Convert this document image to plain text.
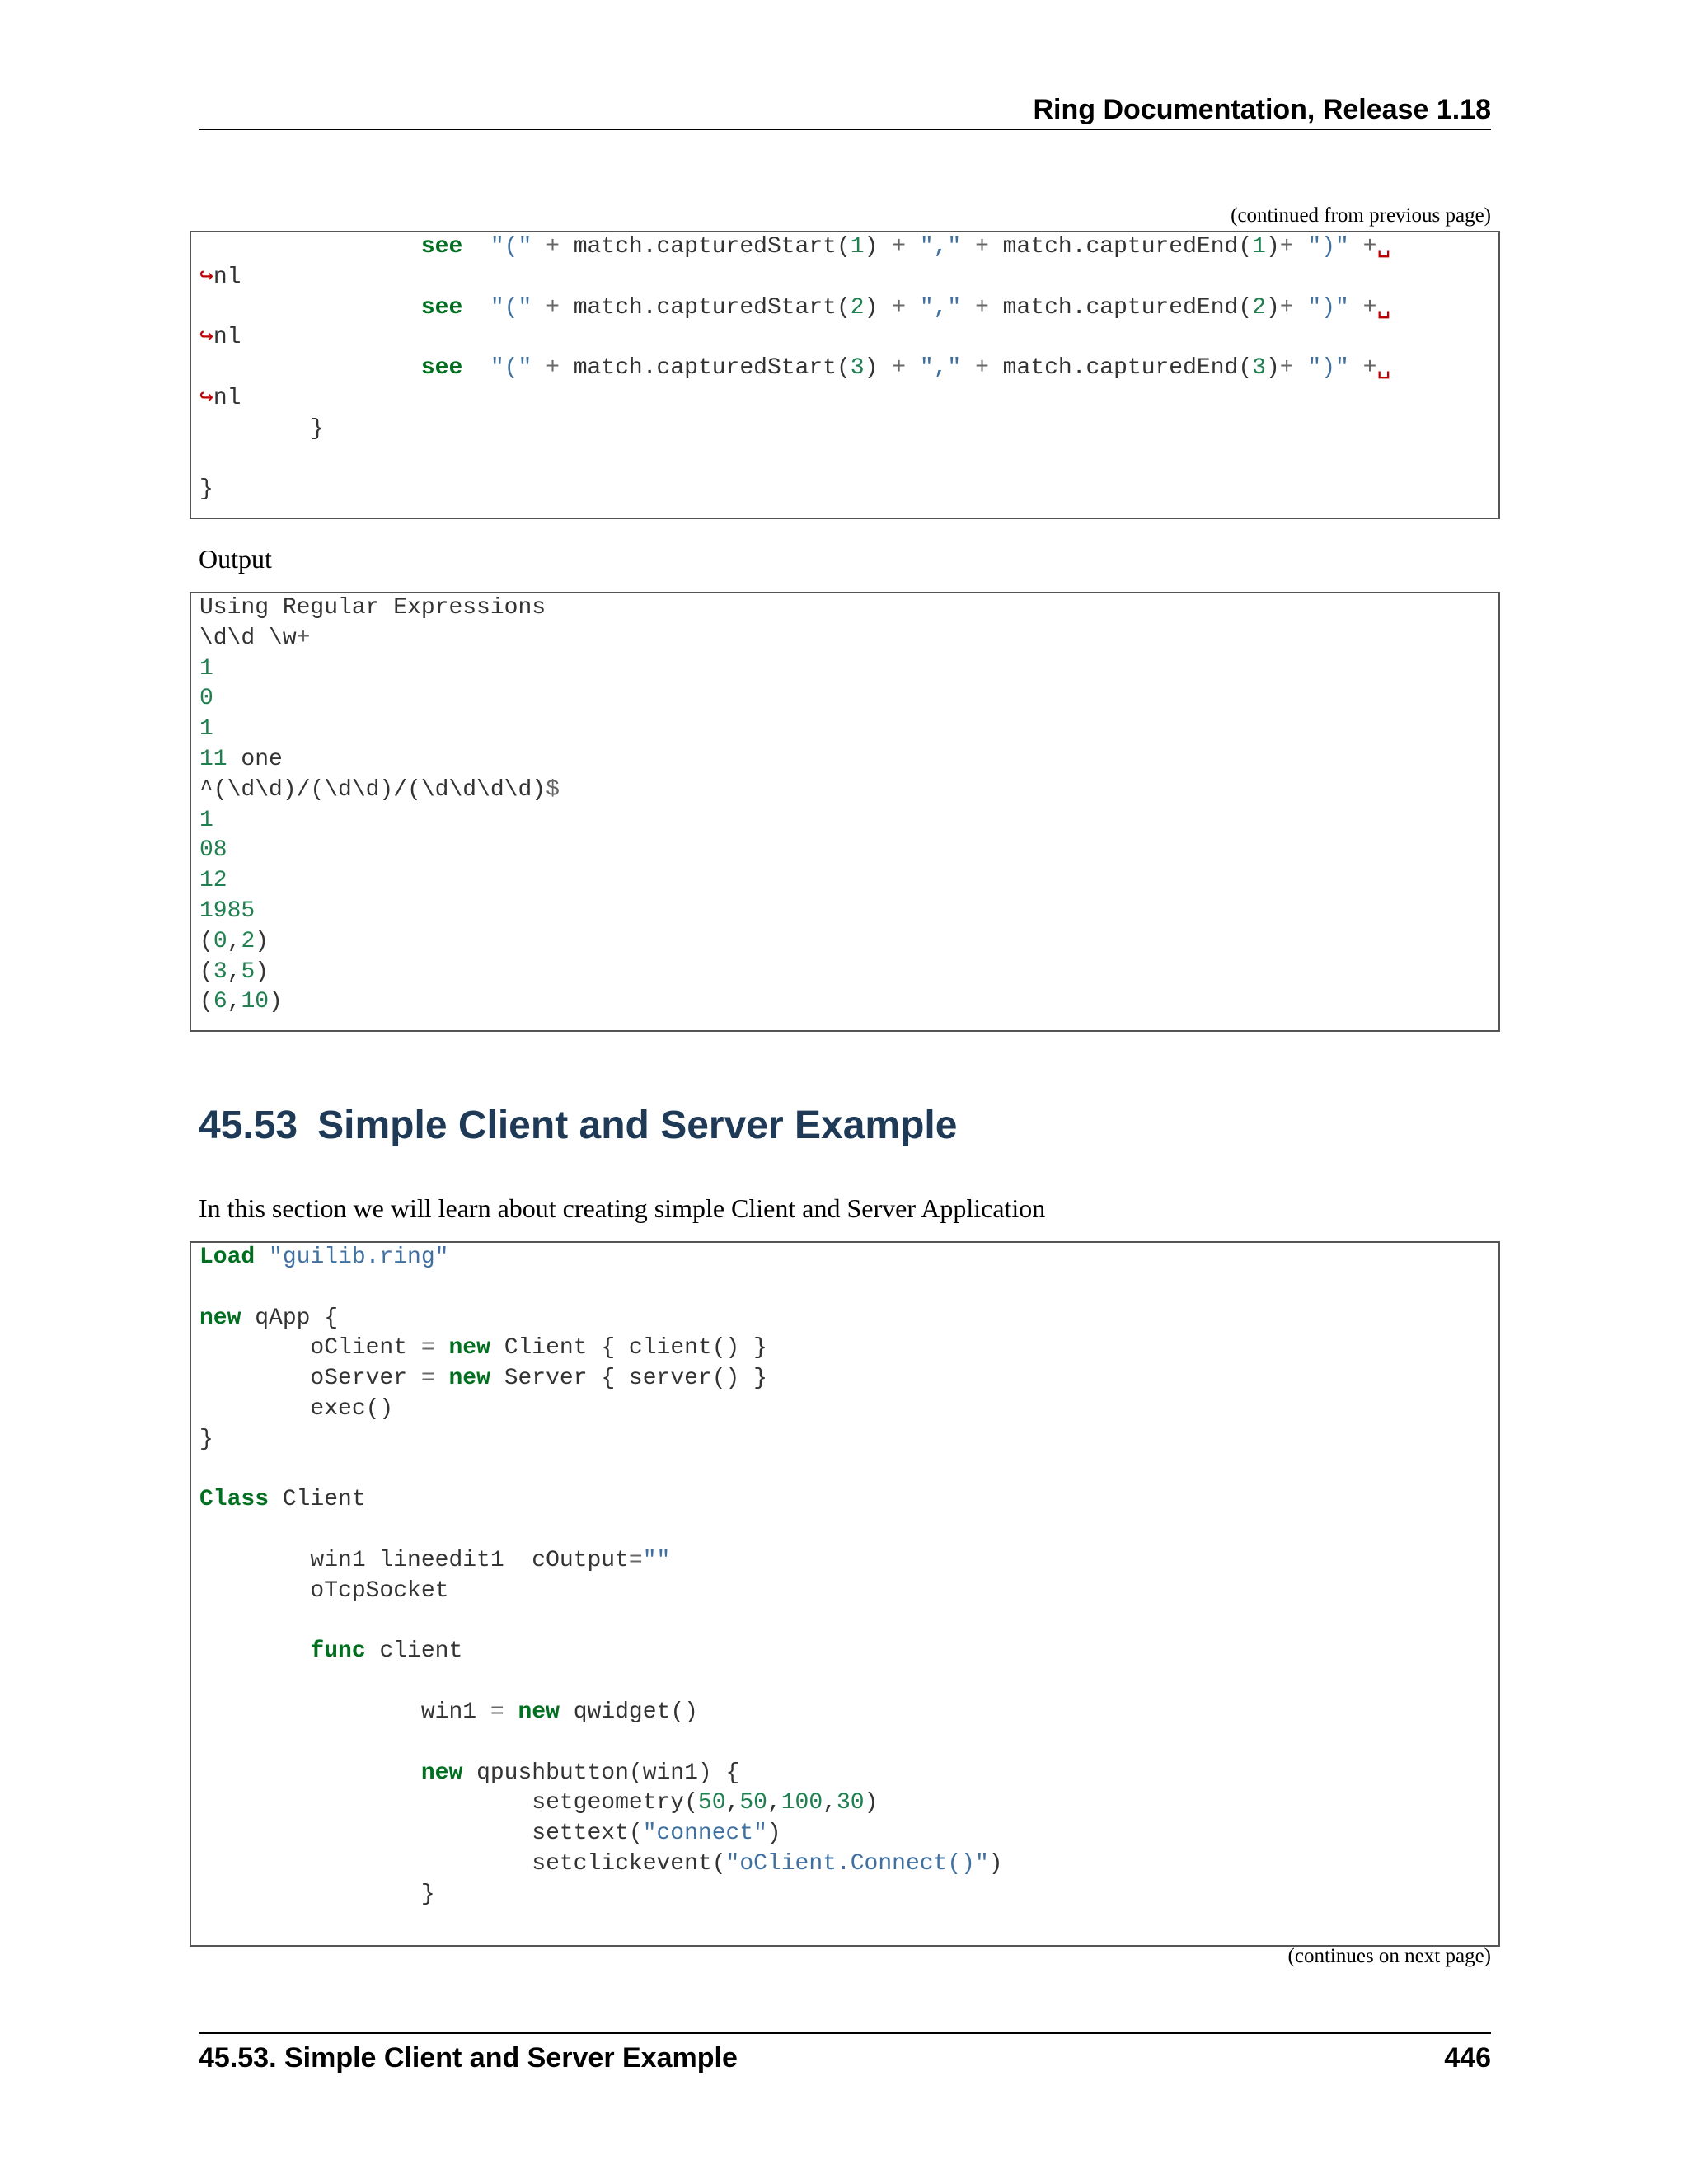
Ring Documentation, Release 1.18
(continued from previous page)
see "(" + match.capturedStart(1) + "," + match.capturedEnd(1)+ ")" +␣
↪nl
see "(" + match.capturedStart(2) + "," + match.capturedEnd(2)+ ")" +␣
↪nl
see "(" + match.capturedStart(3) + "," + match.capturedEnd(3)+ ")" +␣
↪nl
}

}
Output
Using Regular Expressions
\d\d \w+
1
0
1
11 one
^(\d\d)/(\d\d)/(\d\d\d\d)$
1
08
12
1985
(0,2)
(3,5)
(6,10)
45.53 Simple Client and Server Example
In this section we will learn about creating simple Client and Server Application
Load "guilib.ring"

new qApp {
oClient = new Client { client() }
oServer = new Server { server() }
exec()
}

Class Client

win1 lineedit1  cOutput=""
oTcpSocket

func client

win1 = new qwidget()

new qpushbutton(win1) {
setgeometry(50,50,100,30)
settext("connect")
setclickevent("oClient.Connect()")
}

(continues on next page)
45.53. Simple Client and Server Example	446
